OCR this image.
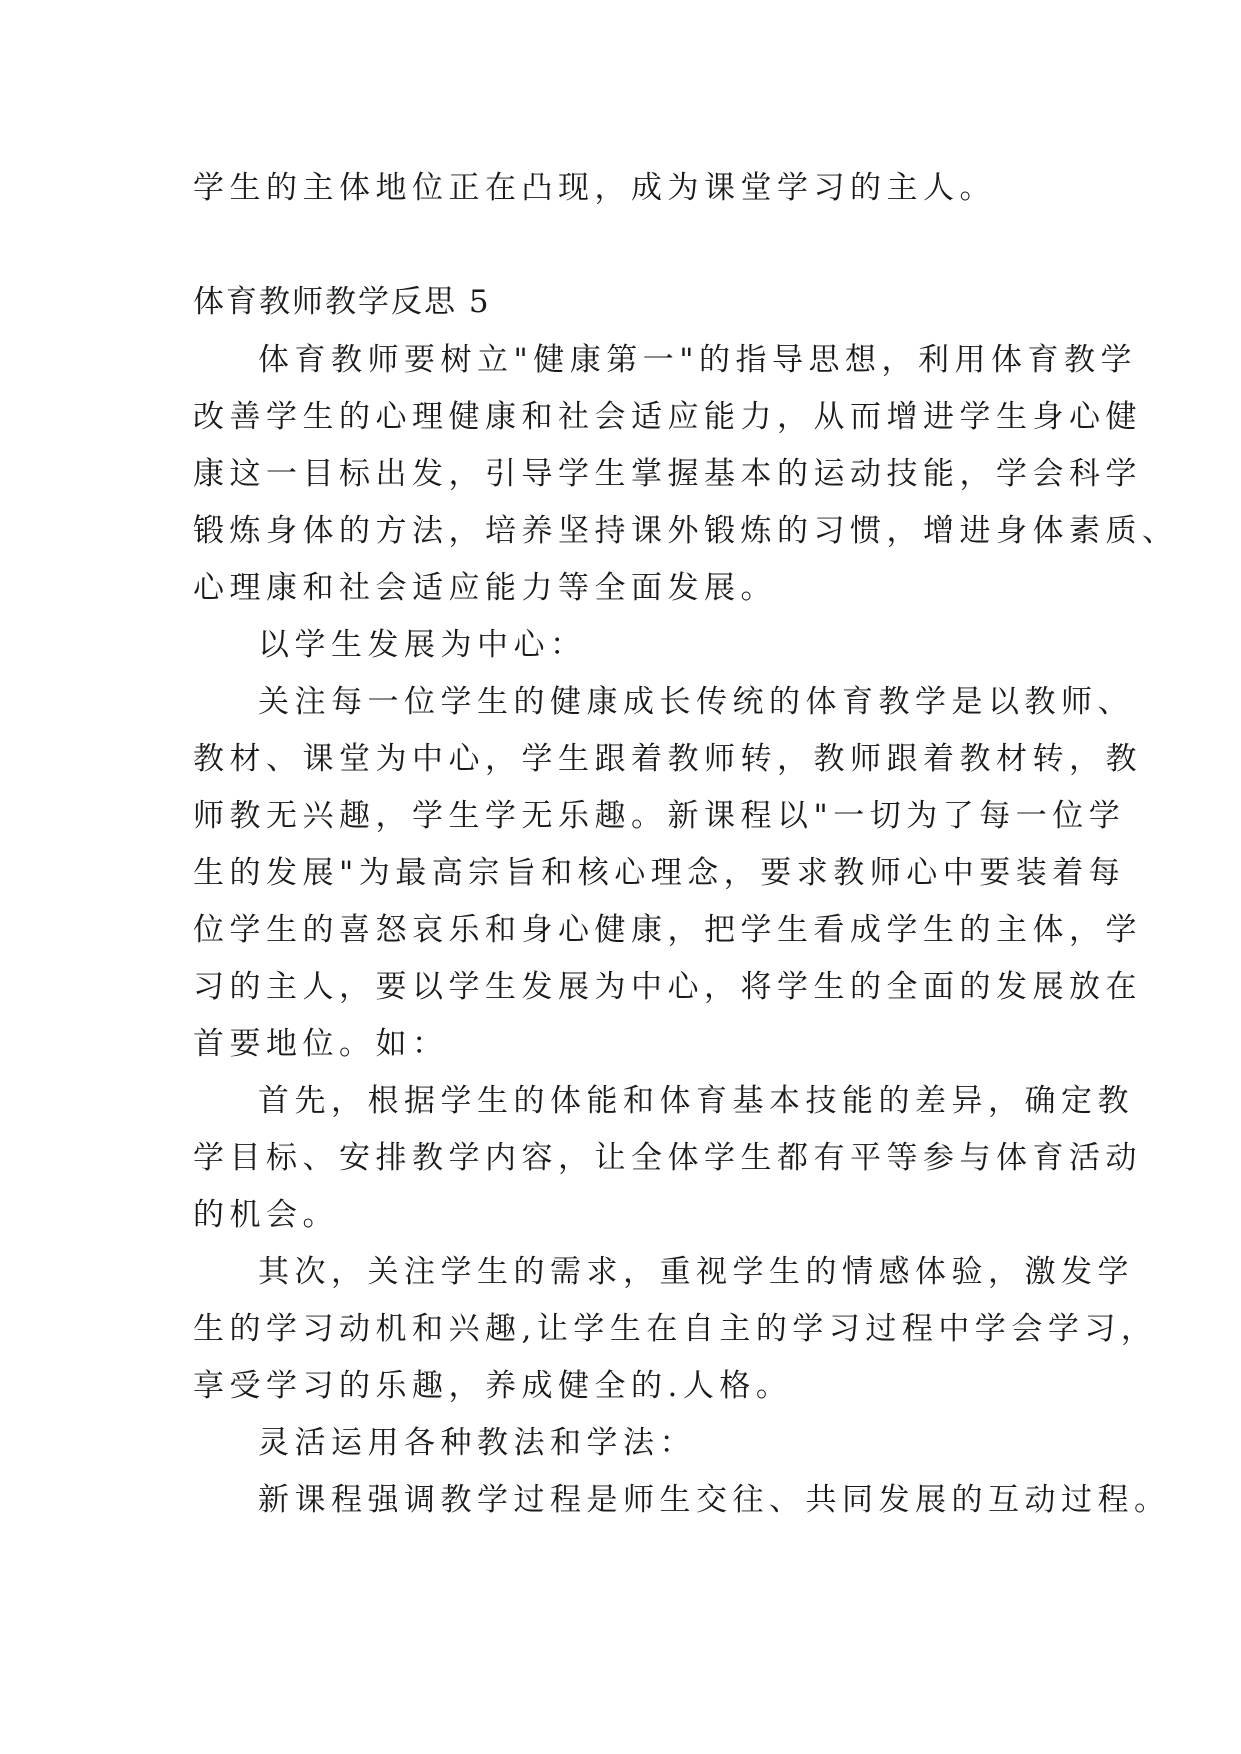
学生的主体地位正在凸现，成为课堂学习的主人。
体育教师教学反思 5
体育教师要树立"健康第一"的指导思想，利用体育教学
改善学生的心理健康和社会适应能力，从而增进学生身心健
康这一目标出发，引导学生掌握基本的运动技能，学会科学
锻炼身体的方法，培养坚持课外锻炼的习惯，增进身体素质、
心理康和社会适应能力等全面发展。
以学生发展为中心：
关注每一位学生的健康成长传统的体育教学是以教师、
教材、课堂为中心，学生跟着教师转，教师跟着教材转，教
师教无兴趣，学生学无乐趣。新课程以"一切为了每一位学
生的发展"为最高宗旨和核心理念，要求教师心中要装着每
位学生的喜怒哀乐和身心健康，把学生看成学生的主体，学
习的主人，要以学生发展为中心，将学生的全面的发展放在
首要地位。如：
首先，根据学生的体能和体育基本技能的差异，确定教
学目标、安排教学内容，让全体学生都有平等参与体育活动
的机会。
其次，关注学生的需求，重视学生的情感体验，激发学
生的学习动机和兴趣,让学生在自主的学习过程中学会学习，
享受学习的乐趣，养成健全的.人格。
灵活运用各种教法和学法：
新课程强调教学过程是师生交往、共同发展的互动过程。
